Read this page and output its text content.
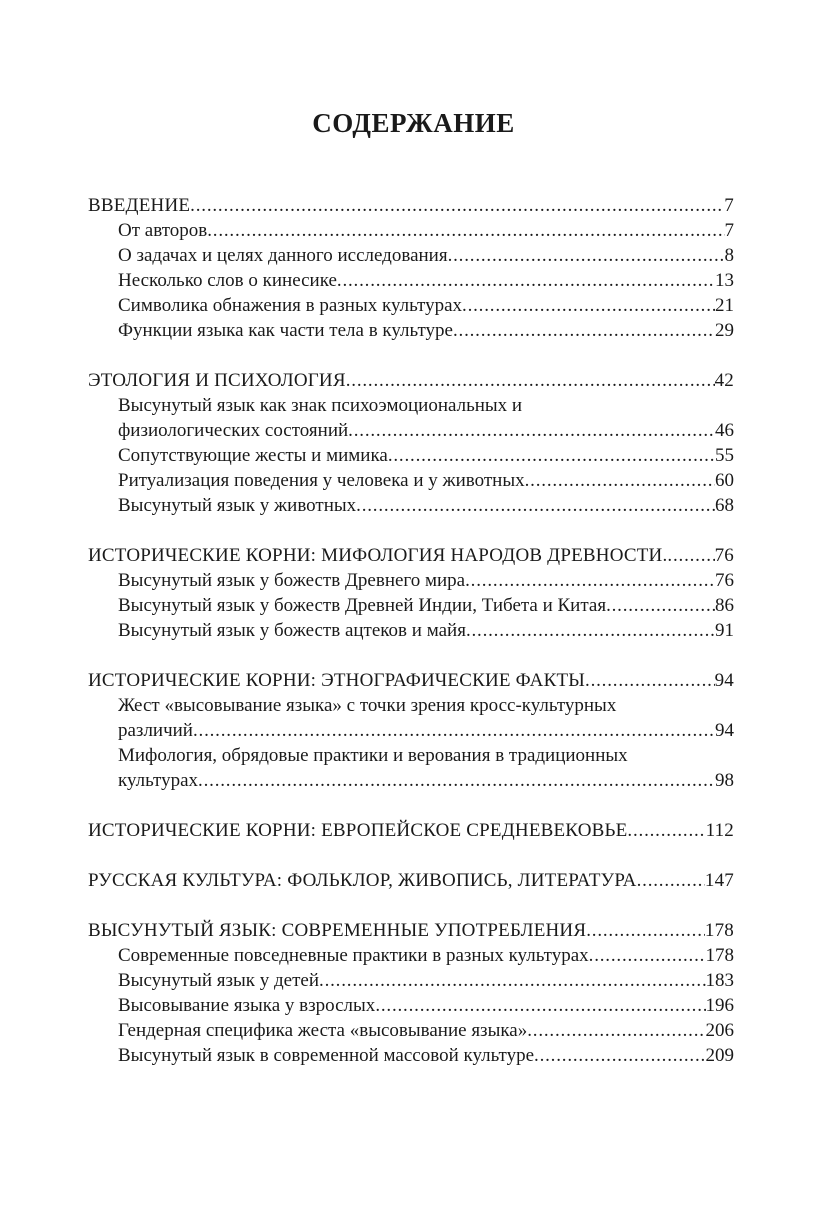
СОДЕРЖАНИЕ
ВВЕДЕНИЕ .....	7
От авторов .....	7
О задачах и целях данного исследования .....	8
Несколько слов о кинесике .....	13
Символика обнажения в разных культурах .....	21
Функции языка как части тела в культуре .....	29
ЭТОЛОГИЯ И ПСИХОЛОГИЯ .....	42
Высунутый язык как знак психоэмоциональных и
физиологических состояний .....	46
Сопутствующие жесты и мимика .....	55
Ритуализация поведения у человека и у животных .....	60
Высунутый язык у животных .....	68
ИСТОРИЧЕСКИЕ КОРНИ: МИФОЛОГИЯ НАРОДОВ ДРЕВНОСТИ. ..... 76
Высунутый язык у божеств Древнего мира .....	76
Высунутый язык у божеств Древней Индии, Тибета и Китая .....	86
Высунутый язык у божеств ацтеков и майя .....	91
ИСТОРИЧЕСКИЕ КОРНИ: ЭТНОГРАФИЧЕСКИЕ ФАКТЫ .....	94
Жест «высовывание языка» с точки зрения кросс-культурных
различий .....	94
Мифология, обрядовые практики и верования в традиционных
культурах .....	98
ИСТОРИЧЕСКИЕ КОРНИ: ЕВРОПЕЙСКОЕ СРЕДНЕВЕКОВЬЕ .....	112
РУССКАЯ КУЛЬТУРА: ФОЛЬКЛОР, ЖИВОПИСЬ, ЛИТЕРАТУРА .....	147
ВЫСУНУТЫЙ ЯЗЫК: СОВРЕМЕННЫЕ УПОТРЕБЛЕНИЯ .....	178
Современные повседневные практики в разных культурах .....	178
Высунутый язык у детей .....	183
Высовывание языка у взрослых .....	196
Гендерная специфика жеста «высовывание языка» .....	206
Высунутый язык в современной массовой культуре .....	209
